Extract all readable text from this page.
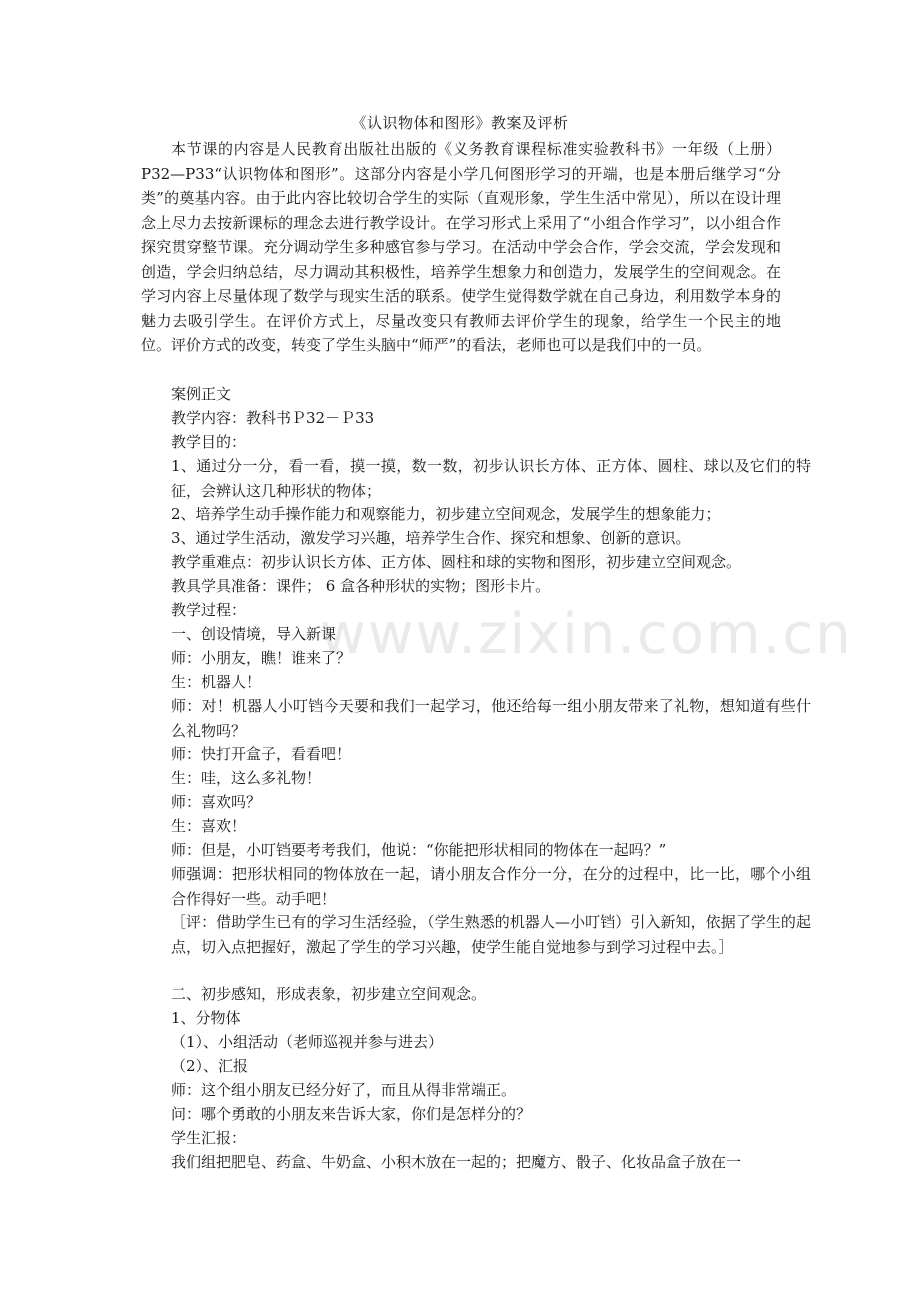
www.zixin.com.cn
《认识物体和图形》教案及评析

本节课的内容是人民教育出版社出版的《义务教育课程标准实验教科书》一年级（上册）P32—P33“认识物体和图形”。这部分内容是小学几何图形学习的开端，也是本册后继学习“分类”的奠基内容。由于此内容比较切合学生的实际（直观形象，学生生活中常见），所以在设计理念上尽力去按新课标的理念去进行教学设计。在学习形式上采用了“小组合作学习”，以小组合作探究贯穿整节课。充分调动学生多种感官参与学习。在活动中学会合作，学会交流，学会发现和创造，学会归纳总结，尽力调动其积极性，培养学生想象力和创造力，发展学生的空间观念。在学习内容上尽量体现了数学与现实生活的联系。使学生觉得数学就在自己身边，利用数学本身的魅力去吸引学生。在评价方式上，尽量改变只有教师去评价学生的现象，给学生一个民主的地位。评价方式的改变，转变了学生头脑中“师严”的看法，老师也可以是我们中的一员。

案例正文

教学内容：教科书Ｐ32－Ｐ33

教学目的：

1、通过分一分，看一看，摸一摸，数一数，初步认识长方体、正方体、圆柱、球以及它们的特征，会辨认这几种形状的物体；

2、培养学生动手操作能力和观察能力，初步建立空间观念，发展学生的想象能力；

3、通过学生活动，激发学习兴趣，培养学生合作、探究和想象、创新的意识。

教学重难点：初步认识长方体、正方体、圆柱和球的实物和图形，初步建立空间观念。

教具学具准备：课件； 6 盒各种形状的实物；图形卡片。

教学过程：

一、创设情境，导入新课

师：小朋友，瞧！谁来了？

生：机器人！

师：对！机器人小叮铛今天要和我们一起学习，他还给每一组小朋友带来了礼物，想知道有些什么礼物吗？

师：快打开盒子，看看吧！

生：哇，这么多礼物！

师：喜欢吗？

生：喜欢！

师：但是，小叮铛要考考我们，他说：“你能把形状相同的物体在一起吗？”

师强调：把形状相同的物体放在一起，请小朋友合作分一分，在分的过程中，比一比，哪个小组合作得好一些。动手吧！

［评：借助学生已有的学习生活经验，（学生熟悉的机器人—小叮铛）引入新知，依据了学生的起点，切入点把握好，激起了学生的学习兴趣，使学生能自觉地参与到学习过程中去。］

二、初步感知，形成表象，初步建立空间观念。

1、分物体

（1）、小组活动（老师巡视并参与进去）

（2）、汇报

师：这个组小朋友已经分好了，而且从得非常端正。

问：哪个勇敢的小朋友来告诉大家，你们是怎样分的？

学生汇报：

我们组把肥皂、药盒、牛奶盒、小积木放在一起的；把魔方、骰子、化妆品盒子放在一
